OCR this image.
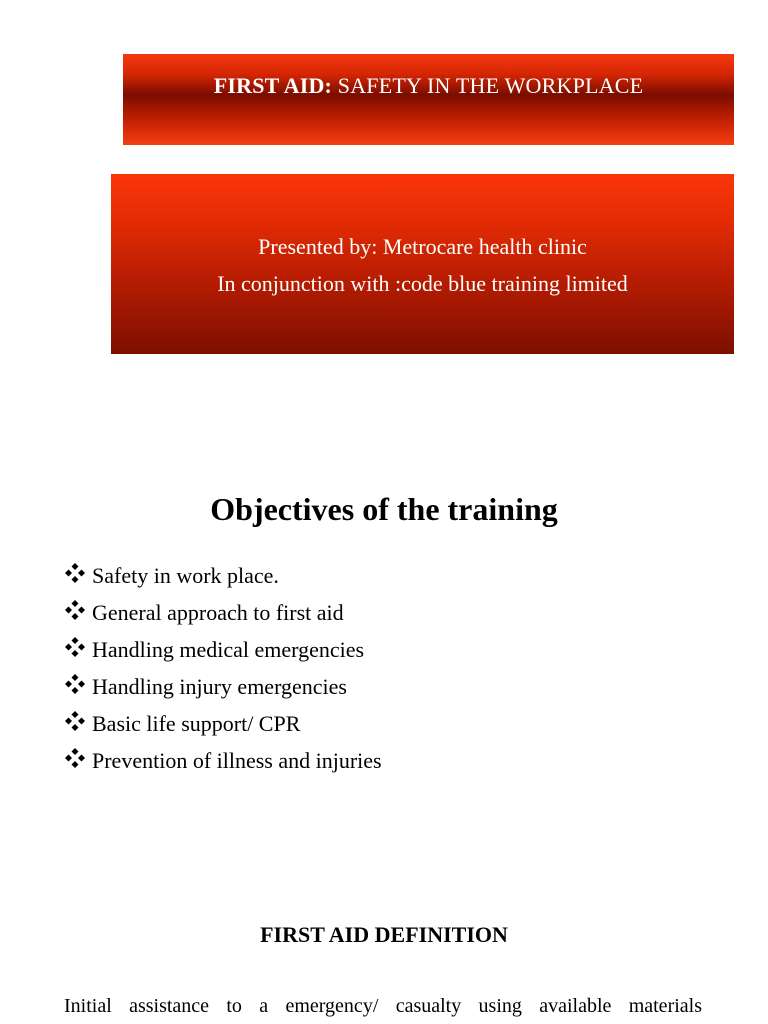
FIRST AID: SAFETY IN THE WORKPLACE
Presented by: Metrocare health clinic
In conjunction with :code blue training limited
Objectives of the training
Safety in work place.
General approach to first aid
Handling medical emergencies
Handling injury emergencies
Basic life support/ CPR
Prevention of illness and injuries
FIRST AID DEFINITION
Initial assistance to a emergency/ casualty using available materials
